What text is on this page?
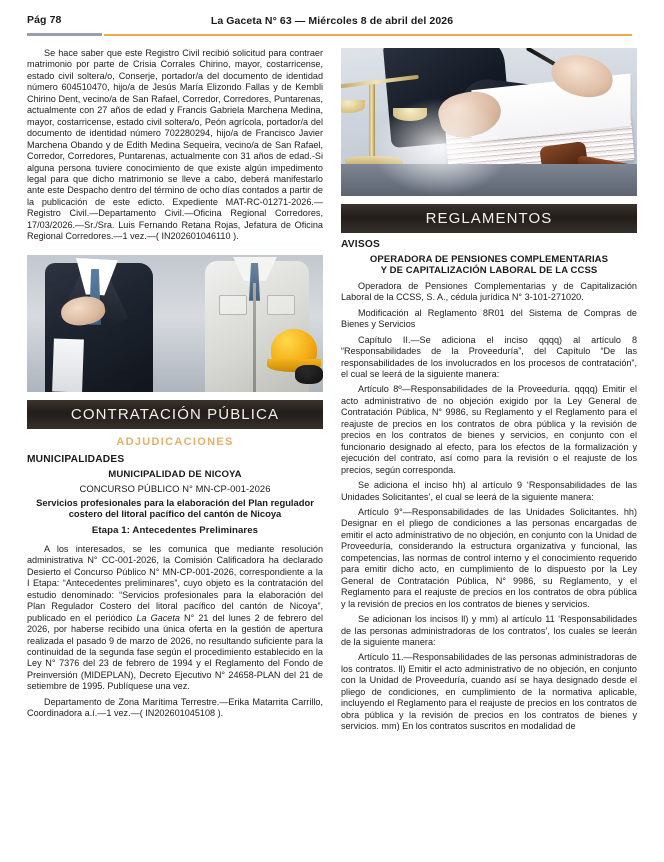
Pág 78	La Gaceta N° 63 — Miércoles 8 de abril del 2026

Se hace saber que este Registro Civil recibió solicitud para contraer matrimonio por parte de Crisia Corrales Chirino, mayor, costarricense, estado civil soltera/o, Conserje, portador/a del documento de identidad número 604510470, hijo/a de Jesús María Elizondo Fallas y de Kembli Chirino Dent, vecino/a de San Rafael, Corredor, Corredores, Puntarenas, actualmente con 27 años de edad y Francis Gabriela Marchena Medina, mayor, costarricense, estado civil soltera/o, Peón agrícola, portador/a del documento de identidad número 702280294, hijo/a de Francisco Javier Marchena Obando y de Edith Medina Sequeira, vecino/a de San Rafael, Corredor, Corredores, Puntarenas, actualmente con 31 años de edad.-Si alguna persona tuviere conocimiento de que existe algún impedimento legal para que dicho matrimonio se lleve a cabo, deberá manifestarlo ante este Despacho dentro del término de ocho días contados a partir de la publicación de este edicto. Expediente MAT-RC-01271-2026.—Registro Civil.—Departamento Civil.—Oficina Regional Corredores, 17/03/2026.—Sr./Sra. Luis Fernando Retana Rojas, Jefatura de Oficina Regional Corredores.—1 vez.—( IN202601046110 ).

CONTRATACIÓN PÚBLICA
ADJUDICACIONES
MUNICIPALIDADES
MUNICIPALIDAD DE NICOYA
CONCURSO PÚBLICO N° MN-CP-001-2026
Servicios profesionales para la elaboración del Plan regulador costero del litoral pacífico del cantón de Nicoya
Etapa 1: Antecedentes Preliminares

A los interesados, se les comunica que mediante resolución administrativa N° CC-001-2026, la Comisión Calificadora ha declarado Desierto el Concurso Público N° MN-CP-001-2026, correspondiente a la I Etapa: “Antecedentes preliminares”, cuyo objeto es la contratación del estudio denominado: “Servicios profesionales para la elaboración del Plan Regulador Costero del litoral pacífico del cantón de Nicoya”, publicado en el periódico La Gaceta N° 21 del lunes 2 de febrero del 2026, por haberse recibido una única oferta en la gestión de apertura realizada el pasado 9 de marzo de 2026, no resultando suficiente para la continuidad de la segunda fase según el procedimiento establecido en la Ley N° 7376 del 23 de febrero de 1994 y el Reglamento del Fondo de Preinversión (MIDEPLAN), Decreto Ejecutivo N° 24658-PLAN del 21 de setiembre de 1995. Publíquese una vez.

Departamento de Zona Marítima Terrestre.—Erika Matarrita Carrillo, Coordinadora a.í.—1 vez.—( IN202601045108 ).

REGLAMENTOS
AVISOS
OPERADORA DE PENSIONES COMPLEMENTARIAS
Y DE CAPITALIZACIÓN LABORAL DE LA CCSS

Operadora de Pensiones Complementarias y de Capitalización Laboral de la CCSS, S. A., cédula jurídica N° 3-101-271020.

Modificación al Reglamento 8R01 del Sistema de Compras de Bienes y Servicios

Capítulo II.—Se adiciona el inciso qqqq) al artículo 8 “Responsabilidades de la Proveeduría”, del Capítulo “De las responsabilidades de los involucrados en los procesos de contratación”, el cual se leerá de la siguiente manera:

Artículo 8º—Responsabilidades de la Proveeduría. qqqq) Emitir el acto administrativo de no objeción exigido por la Ley General de Contratación Pública, N° 9986, su Reglamento y el Reglamento para el reajuste de precios en los contratos de obra pública y la revisión de precios en los contratos de bienes y servicios, en conjunto con el funcionario designado al efecto, para los efectos de la formalización y ejecución del contrato, así como para la revisión o el reajuste de los precios, según corresponda.

Se adiciona el inciso hh) al artículo 9 ‘Responsabilidades de las Unidades Solicitantes’, el cual se leerá de la siguiente manera:

Artículo 9°—Responsabilidades de las Unidades Solicitantes. hh) Designar en el pliego de condiciones a las personas encargadas de emitir el acto administrativo de no objeción, en conjunto con la Unidad de Proveeduría, considerando la estructura organizativa y funcional, las competencias, las normas de control interno y el conocimiento requerido para emitir dicho acto, en cumplimiento de lo dispuesto por la Ley General de Contratación Pública, N° 9986, su Reglamento, y el Reglamento para el reajuste de precios en los contratos de obra pública y la revisión de precios en los contratos de bienes y servicios.

Se adicionan los incisos ll) y mm) al artículo 11 ‘Responsabilidades de las personas administradoras de los contratos’, los cuales se leerán de la siguiente manera:

Artículo 11.—Responsabilidades de las personas administradoras de los contratos. ll) Emitir el acto administrativo de no objeción, en conjunto con la Unidad de Proveeduría, cuando así se haya designado desde el pliego de condiciones, en cumplimiento de la normativa aplicable, incluyendo el Reglamento para el reajuste de precios en los contratos de obra pública y la revisión de precios en los contratos de bienes y servicios. mm) En los contratos suscritos en modalidad de
